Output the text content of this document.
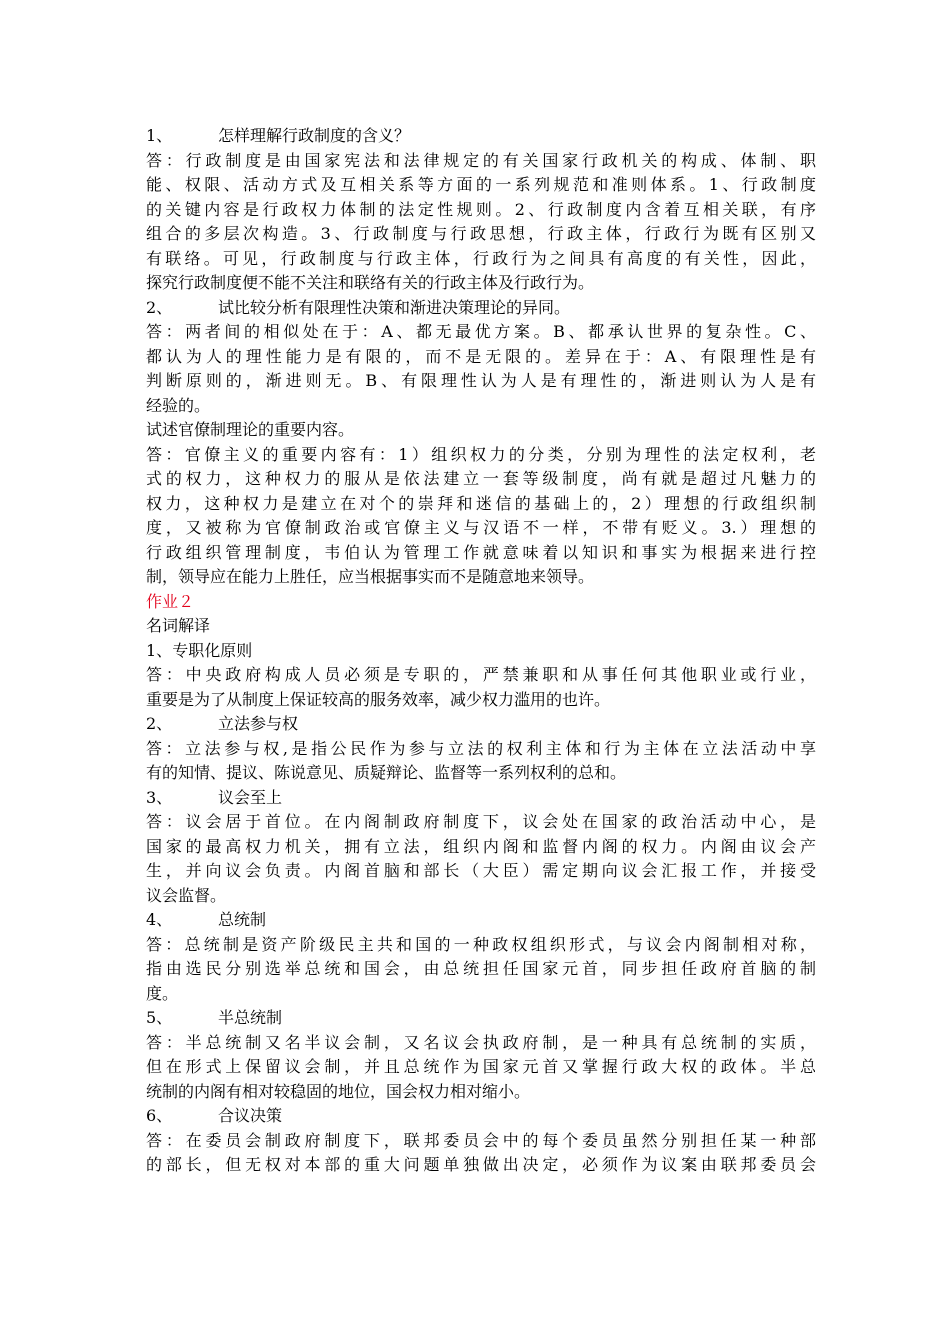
1、	怎样理解行政制度的含义？
答：行政制度是由国家宪法和法律规定的有关国家行政机关的构成、体制、职
能、权限、活动方式及互相关系等方面的一系列规范和准则体系。1、行政制度
的关键内容是行政权力体制的法定性规则。2、行政制度内含着互相关联，有序
组合的多层次构造。3、行政制度与行政思想，行政主体，行政行为既有区别又
有联络。可见，行政制度与行政主体，行政行为之间具有高度的有关性，因此，
探究行政制度便不能不关注和联络有关的行政主体及行政行为。
2、	试比较分析有限理性决策和渐进决策理论的异同。
答：两者间的相似处在于：A、都无最优方案。B、都承认世界的复杂性。C、
都认为人的理性能力是有限的，而不是无限的。差异在于：A、有限理性是有
判断原则的，渐进则无。B、有限理性认为人是有理性的，渐进则认为人是有
经验的。
试述官僚制理论的重要内容。
答：官僚主义的重要内容有：1）组织权力的分类，分别为理性的法定权利，老
式的权力，这种权力的服从是依法建立一套等级制度，尚有就是超过凡魅力的
权力，这种权力是建立在对个的崇拜和迷信的基础上的，2）理想的行政组织制
度，又被称为官僚制政治或官僚主义与汉语不一样，不带有贬义。3.）理想的
行政组织管理制度，韦伯认为管理工作就意味着以知识和事实为根据来进行控
制，领导应在能力上胜任，应当根据事实而不是随意地来领导。
作业２
名词解译
1、专职化原则
答：中央政府构成人员必须是专职的，严禁兼职和从事任何其他职业或行业，
重要是为了从制度上保证较高的服务效率，减少权力滥用的也许。
2、	立法参与权
答：立法参与权,是指公民作为参与立法的权利主体和行为主体在立法活动中享
有的知情、提议、陈说意见、质疑辩论、监督等一系列权利的总和。
3、	议会至上
答：议会居于首位。在内阁制政府制度下，议会处在国家的政治活动中心，是
国家的最高权力机关，拥有立法，组织内阁和监督内阁的权力。内阁由议会产
生，并向议会负责。内阁首脑和部长（大臣）需定期向议会汇报工作，并接受
议会监督。
4、	总统制
答：总统制是资产阶级民主共和国的一种政权组织形式，与议会内阁制相对称，
指由选民分别选举总统和国会，由总统担任国家元首，同步担任政府首脑的制
度。
5、	半总统制
答：半总统制又名半议会制，又名议会执政府制，是一种具有总统制的实质，
但在形式上保留议会制，并且总统作为国家元首又掌握行政大权的政体。半总
统制的内阁有相对较稳固的地位，国会权力相对缩小。
6、	合议决策
答：在委员会制政府制度下，联邦委员会中的每个委员虽然分别担任某一种部
的部长，但无权对本部的重大问题单独做出决定，必须作为议案由联邦委员会
